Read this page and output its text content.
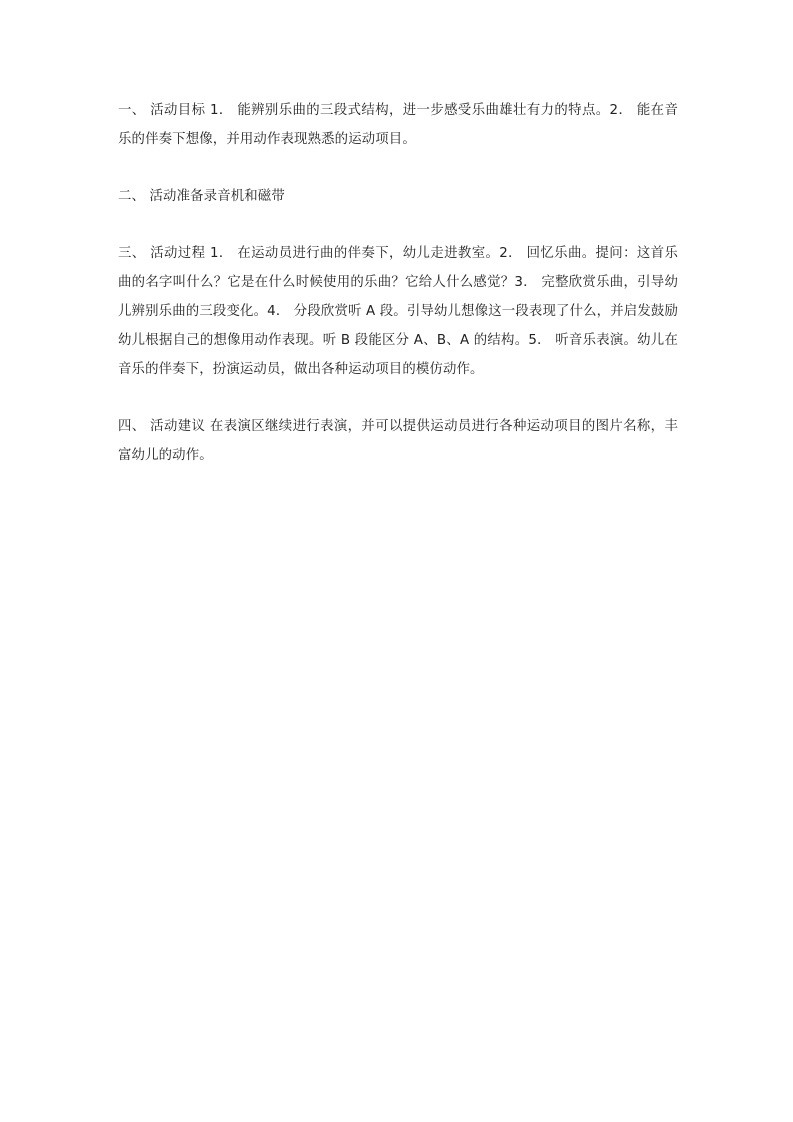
一、 活动目标 1． 能辨别乐曲的三段式结构，进一步感受乐曲雄壮有力的特点。2． 能在音乐的伴奏下想像，并用动作表现熟悉的运动项目。

二、 活动准备录音机和磁带

三、 活动过程 1． 在运动员进行曲的伴奏下，幼儿走进教室。2． 回忆乐曲。提问：这首乐曲的名字叫什么？它是在什么时候使用的乐曲？它给人什么感觉？3． 完整欣赏乐曲，引导幼儿辨别乐曲的三段变化。4． 分段欣赏听 A 段。引导幼儿想像这一段表现了什么，并启发鼓励幼儿根据自己的想像用动作表现。听 B 段能区分 A、B、A 的结构。5． 听音乐表演。幼儿在音乐的伴奏下，扮演运动员，做出各种运动项目的模仿动作。

四、 活动建议 在表演区继续进行表演，并可以提供运动员进行各种运动项目的图片名称，丰富幼儿的动作。
